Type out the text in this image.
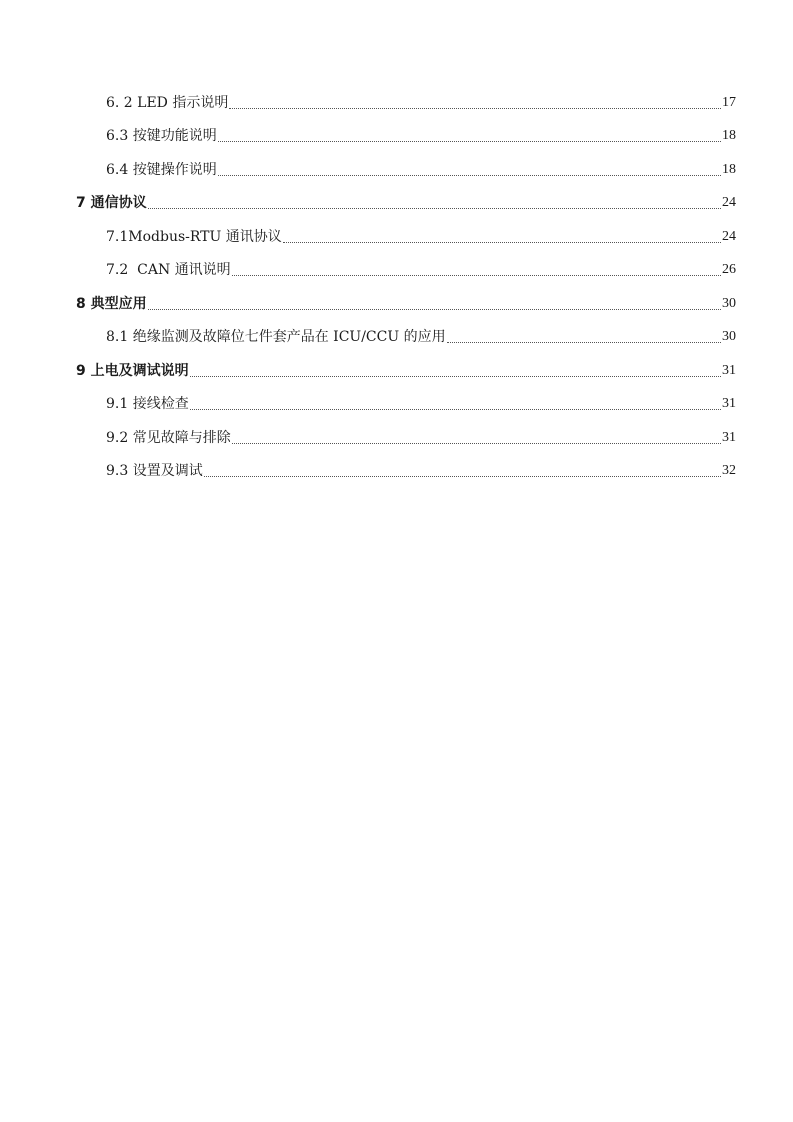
6. 2 LED 指示说明	17
6.3 按键功能说明	18
6.4 按键操作说明	18
7 通信协议	24
7.1Modbus-RTU 通讯协议	24
7.2  CAN 通讯说明	26
8 典型应用	30
8.1 绝缘监测及故障位七件套产品在 ICU/CCU 的应用	30
9 上电及调试说明	31
9.1 接线检查	31
9.2 常见故障与排除	31
9.3 设置及调试	32
